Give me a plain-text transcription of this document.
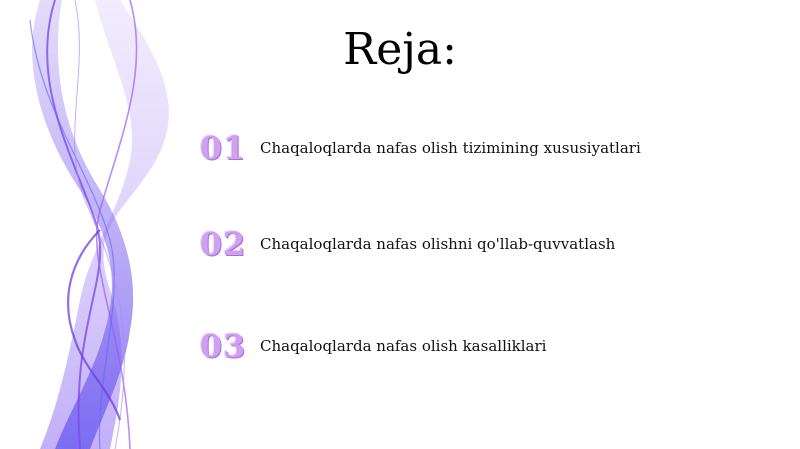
Reja:
01 Chaqaloqlarda nafas olish tizimining xususiyatlari
02 Chaqaloqlarda nafas olishni qo'llab-quvvatlash
03 Chaqaloqlarda nafas olish kasalliklari
